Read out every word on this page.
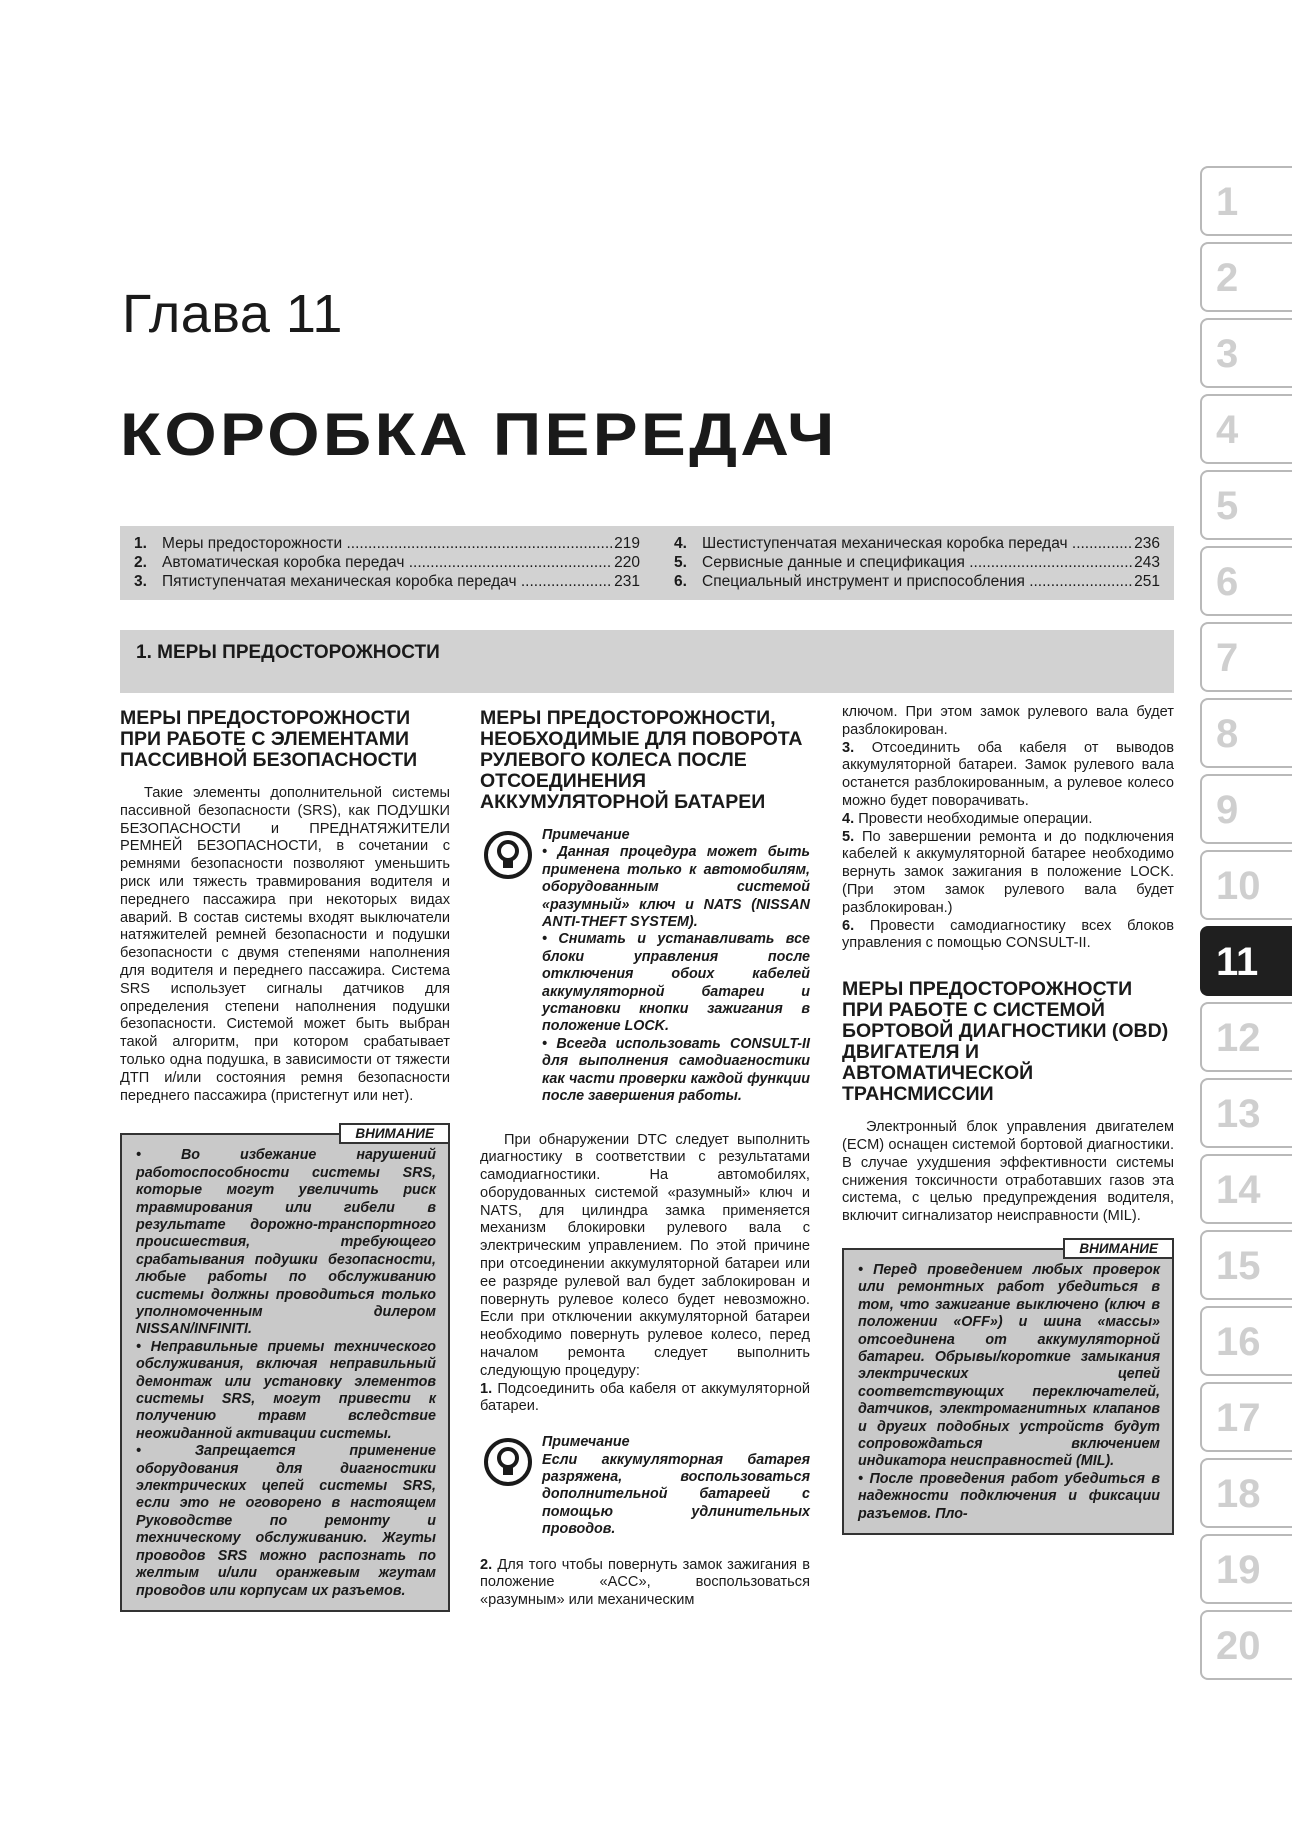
Глава 11
КОРОБКА ПЕРЕДАЧ
1. Меры предосторожности .....	219
2. Автоматическая коробка передач .....	220
3. Пятиступенчатая механическая коробка передач .....	231
4. Шестиступенчатая механическая коробка передач .....	236
5. Сервисные данные и спецификация .....	243
6. Специальный инструмент и приспособления .....	251
1. МЕРЫ ПРЕДОСТОРОЖНОСТИ
МЕРЫ ПРЕДОСТОРОЖНОСТИ ПРИ РАБОТЕ С ЭЛЕМЕНТАМИ ПАССИВНОЙ БЕЗОПАСНОСТИ

Такие элементы дополнительной системы пассивной безопасности (SRS), как ПОДУШКИ БЕЗОПАСНОСТИ и ПРЕДНАТЯЖИТЕЛИ РЕМНЕЙ БЕЗОПАСНОСТИ, в сочетании с ремнями безопасности позволяют уменьшить риск или тяжесть травмирования водителя и переднего пассажира при некоторых видах аварий. В состав системы входят выключатели натяжителей ремней безопасности и подушки безопасности с двумя степенями наполнения для водителя и переднего пассажира. Система SRS использует сигналы датчиков для определения степени наполнения подушки безопасности. Системой может быть выбран такой алгоритм, при котором срабатывает только одна подушка, в зависимости от тяжести ДТП и/или состояния ремня безопасности переднего пассажира (пристегнут или нет).

ВНИМАНИЕ

• Во избежание нарушений работоспособности системы SRS, которые могут увеличить риск травмирования или гибели в результате дорожно-транспортного происшествия, требующего срабатывания подушки безопасности, любые работы по обслуживанию системы должны проводиться только уполномоченным дилером NISSAN/INFINITI.

• Неправильные приемы технического обслуживания, включая неправильный демонтаж или установку элементов системы SRS, могут привести к получению травм вследствие неожиданной активации системы.

• Запрещается применение оборудования для диагностики электрических цепей системы SRS, если это не оговорено в настоящем Руководстве по ремонту и техническому обслуживанию. Жгуты проводов SRS можно распознать по желтым и/или оранжевым жгутам проводов или корпусам их разъемов.

МЕРЫ ПРЕДОСТОРОЖНОСТИ, НЕОБХОДИМЫЕ ДЛЯ ПОВОРОТА РУЛЕВОГО КОЛЕСА ПОСЛЕ ОТСОЕДИНЕНИЯ АККУМУЛЯТОРНОЙ БАТАРЕИ
Примечание

• Данная процедура может быть применена только к автомобилям, оборудованным системой «разумный» ключ и NATS (NISSAN ANTI-THEFT SYSTEM).

• Снимать и устанавливать все блоки управления после отключения обоих кабелей аккумуляторной батареи и установки кнопки зажигания в положение LOCK.

• Всегда использовать CONSULT-II для выполнения самодиагностики как части проверки каждой функции после завершения работы.

При обнаружении DTC следует выполнить диагностику в соответствии с результатами самодиагностики. На автомобилях, оборудованных системой «разумный» ключ и NATS, для цилиндра замка применяется механизм блокировки рулевого вала с электрическим управлением. По этой причине при отсоединении аккумуляторной батареи или ее разряде рулевой вал будет заблокирован и повернуть рулевое колесо будет невозможно. Если при отключении аккумуляторной батареи необходимо повернуть рулевое колесо, перед началом ремонта следует выполнить следующую процедуру:

1. Подсоединить оба кабеля от аккумуляторной батареи.

Примечание

Если аккумуляторная батарея разряжена, воспользоваться дополнительной батареей с помощью удлинительных проводов.

2. Для того чтобы повернуть замок зажигания в положение «ACC», воспользоваться «разумным» или механическим

ключом. При этом замок рулевого вала будет разблокирован.

3. Отсоединить оба кабеля от выводов аккумуляторной батареи. Замок рулевого вала останется разблокированным, а рулевое колесо можно будет поворачивать.

4. Провести необходимые операции.

5. По завершении ремонта и до подключения кабелей к аккумуляторной батарее необходимо вернуть замок зажигания в положение LOCK. (При этом замок рулевого вала будет разблокирован.)

6. Провести самодиагностику всех блоков управления с помощью CONSULT-II.

МЕРЫ ПРЕДОСТОРОЖНОСТИ ПРИ РАБОТЕ С СИСТЕМОЙ БОРТОВОЙ ДИАГНОСТИКИ (OBD) ДВИГАТЕЛЯ И АВТОМАТИЧЕСКОЙ ТРАНСМИССИИ

Электронный блок управления двигателем (ECM) оснащен системой бортовой диагностики. В случае ухудшения эффективности системы снижения токсичности отработавших газов эта система, с целью предупреждения водителя, включит сигнализатор неисправности (MIL).

ВНИМАНИЕ

• Перед проведением любых проверок или ремонтных работ убедиться в том, что зажигание выключено (ключ в положении «OFF») и шина «массы» отсоединена от аккумуляторной батареи. Обрывы/короткие замыкания электрических цепей соответствующих переключателей, датчиков, электромагнитных клапанов и других подобных устройств будут сопровождаться включением индикатора неисправностей (MIL).

• После проведения работ убедиться в надежности подключения и фиксации разъемов. Пло-

1
2
3
4
5
6
7
8
9
10
11
12
13
14
15
16
17
18
19
20
